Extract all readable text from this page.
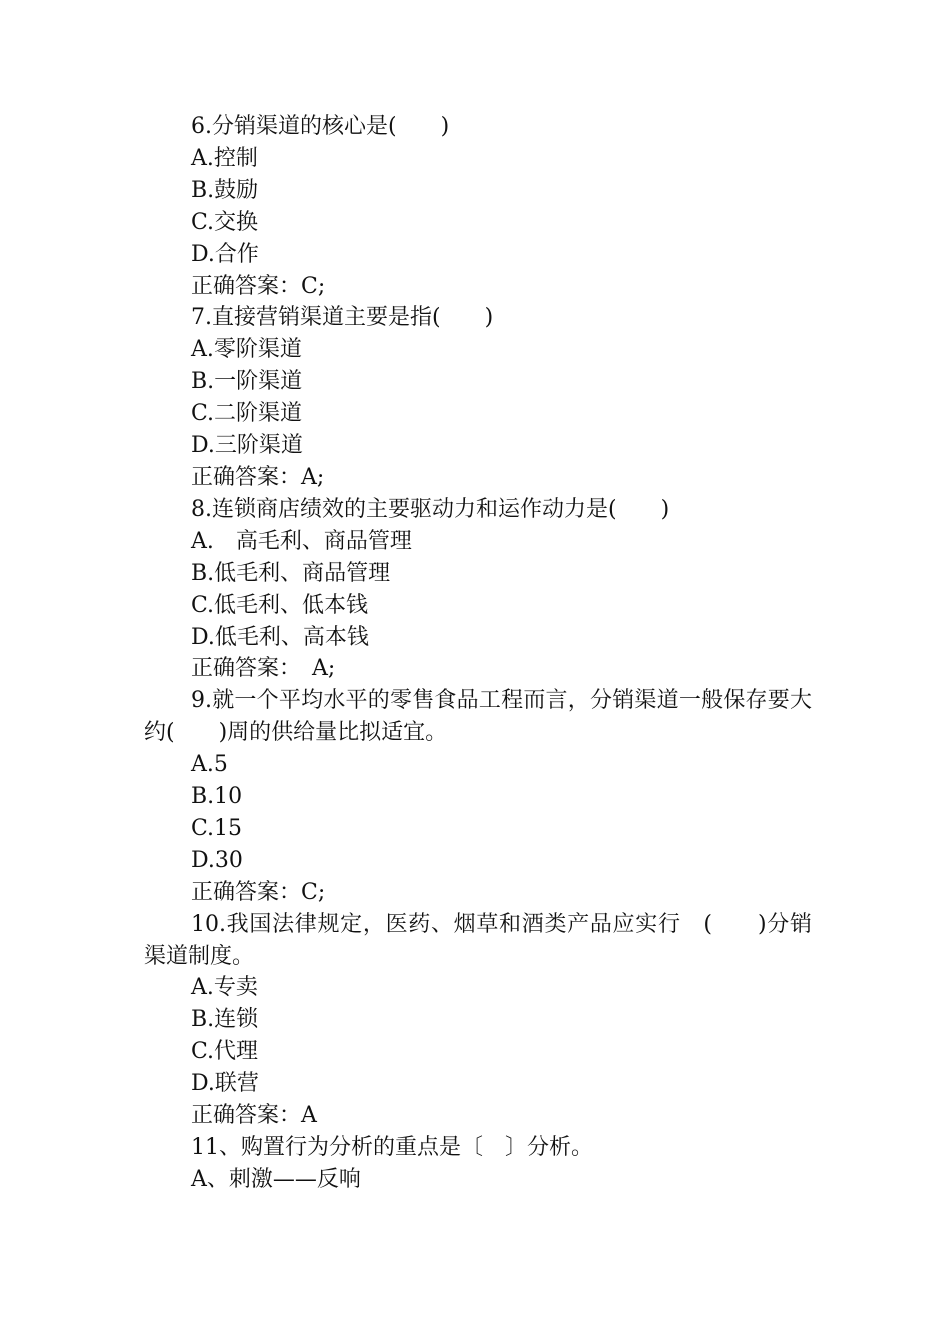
6.分销渠道的核心是(　　)

A.控制

B.鼓励

C.交换

D.合作

正确答案：C;

7.直接营销渠道主要是指(　　)

A.零阶渠道

B.一阶渠道

C.二阶渠道

D.三阶渠道

正确答案：A;

8.连锁商店绩效的主要驱动力和运作动力是(　　)

A.　高毛利、商品管理

B.低毛利、商品管理

C.低毛利、低本钱

D.低毛利、高本钱

正确答案：　A;

9.就一个平均水平的零售食品工程而言，分销渠道一般保存要大约(　　)周的供给量比拟适宜。

A.5

B.10

C.15

D.30

正确答案：C;

10.我国法律规定，医药、烟草和酒类产品应实行　(　　)分销渠道制度。

A.专卖

B.连锁

C.代理

D.联营

正确答案：A

11、购置行为分析的重点是〔　〕分析。

A、刺激——反响
